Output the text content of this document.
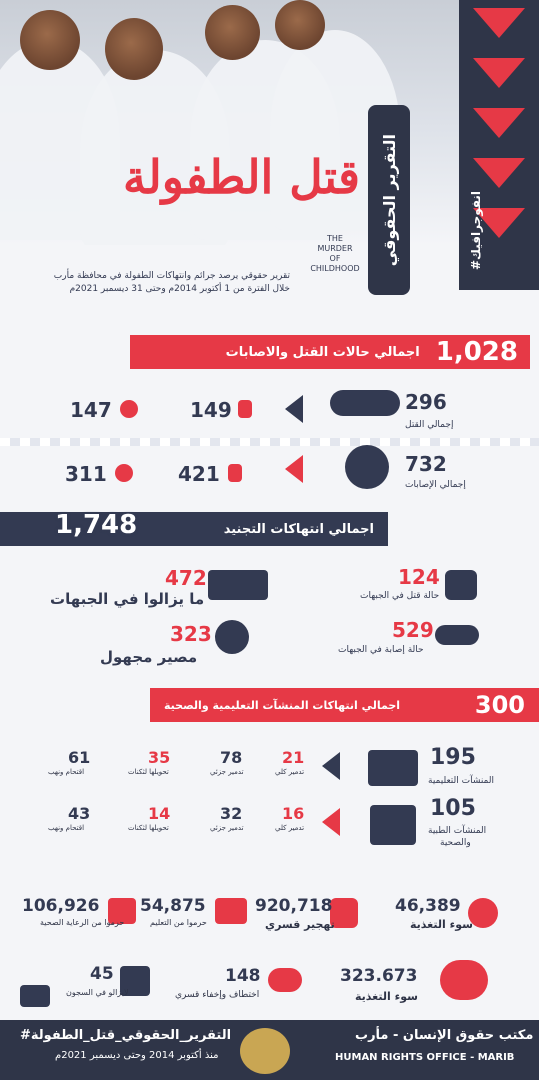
#انفوجرافيك
التقرير الحقوقي
قتل الطفولة
THE
MURDER
OF
CHILDHOOD
تقرير حقوقي يرصد جرائم وانتهاكات الطفولة في محافظة مأرب
خلال الفترة من 1 أكتوبر 2014م وحتى 31 ديسمبر 2021م
اجمالي حالات القتل والاصابات 1,028
296
إجمالي القتل
149
147
732
إجمالي الإصابات
421
311
اجمالي انتهاكات التجنيد
1,748
124
حالة قتل في الجبهات
529
حالة إصابة في الجبهات
472
ما يزالوا في الجبهات
323
مصير مجهول
اجمالي انتهاكات المنشآت التعليمية والصحية	300
195
المنشآت التعليمية
21
تدمير كلي
78
تدمير جزئي
35
تحويلها لثكنات
61
اقتحام ونهب
105
المنشآت الطبية
والصحية
16
تدمير كلي
32
تدمير جزئي
14
تحويلها لثكنات
43
اقتحام ونهب
46,389
سوء التغذية
920,718
تهجير قسري
54,875
حرموا من التعليم
106,926
حرموا من الرعاية الصحية
323.673
سوء التغذية
148
اختطاف وإخفاء قسري
45
لايزالو في السجون
#التقرير_الحقوقي_قتل_الطفولة
منذ أكتوبر 2014 وحتى ديسمبر 2021م
مكتب حقوق الإنسان - مأرب
HUMAN RIGHTS OFFICE - MARIB
